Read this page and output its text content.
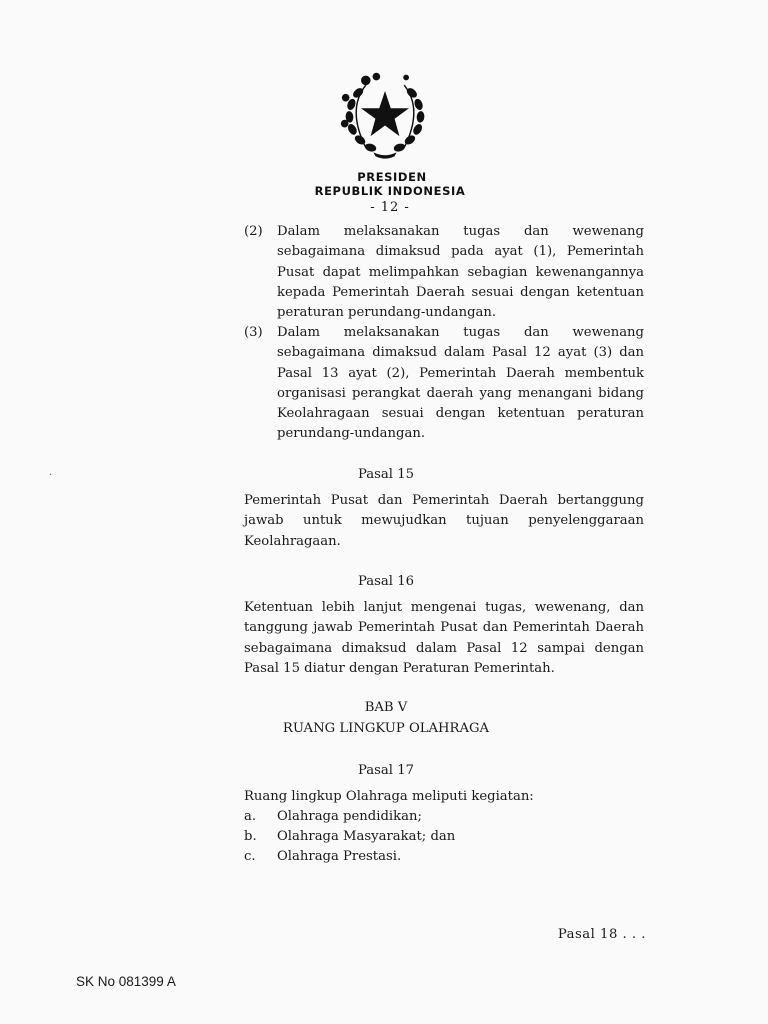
PRESIDEN
REPUBLIK INDONESIA
- 12 -
(2) Dalam melaksanakan tugas dan wewenang
sebagaimana dimaksud pada ayat (1), Pemerintah Pusat dapat melimpahkan sebagian kewenangannya kepada Pemerintah Daerah sesuai dengan ketentuan peraturan perundang-undangan.
(3) Dalam melaksanakan tugas dan wewenang
sebagaimana dimaksud dalam Pasal 12 ayat (3) dan Pasal 13 ayat (2), Pemerintah Daerah membentuk organisasi perangkat daerah yang menangani bidang Keolahragaan sesuai dengan ketentuan peraturan perundang-undangan.
·	Pasal 15
Pemerintah Pusat dan Pemerintah Daerah bertanggung jawab untuk mewujudkan tujuan penyelenggaraan Keolahragaan.
Pasal 16
Ketentuan lebih lanjut mengenai tugas, wewenang, dan tanggung jawab Pemerintah Pusat dan Pemerintah Daerah sebagaimana dimaksud dalam Pasal 12 sampai dengan Pasal 15 diatur dengan Peraturan Pemerintah.
BAB V
RUANG LINGKUP OLAHRAGA
Pasal 17
Ruang lingkup Olahraga meliputi kegiatan:
a. Olahraga pendidikan;
b. Olahraga Masyarakat; dan
c. Olahraga Prestasi.
Pasal 18 . . .
SK No 081399 A
